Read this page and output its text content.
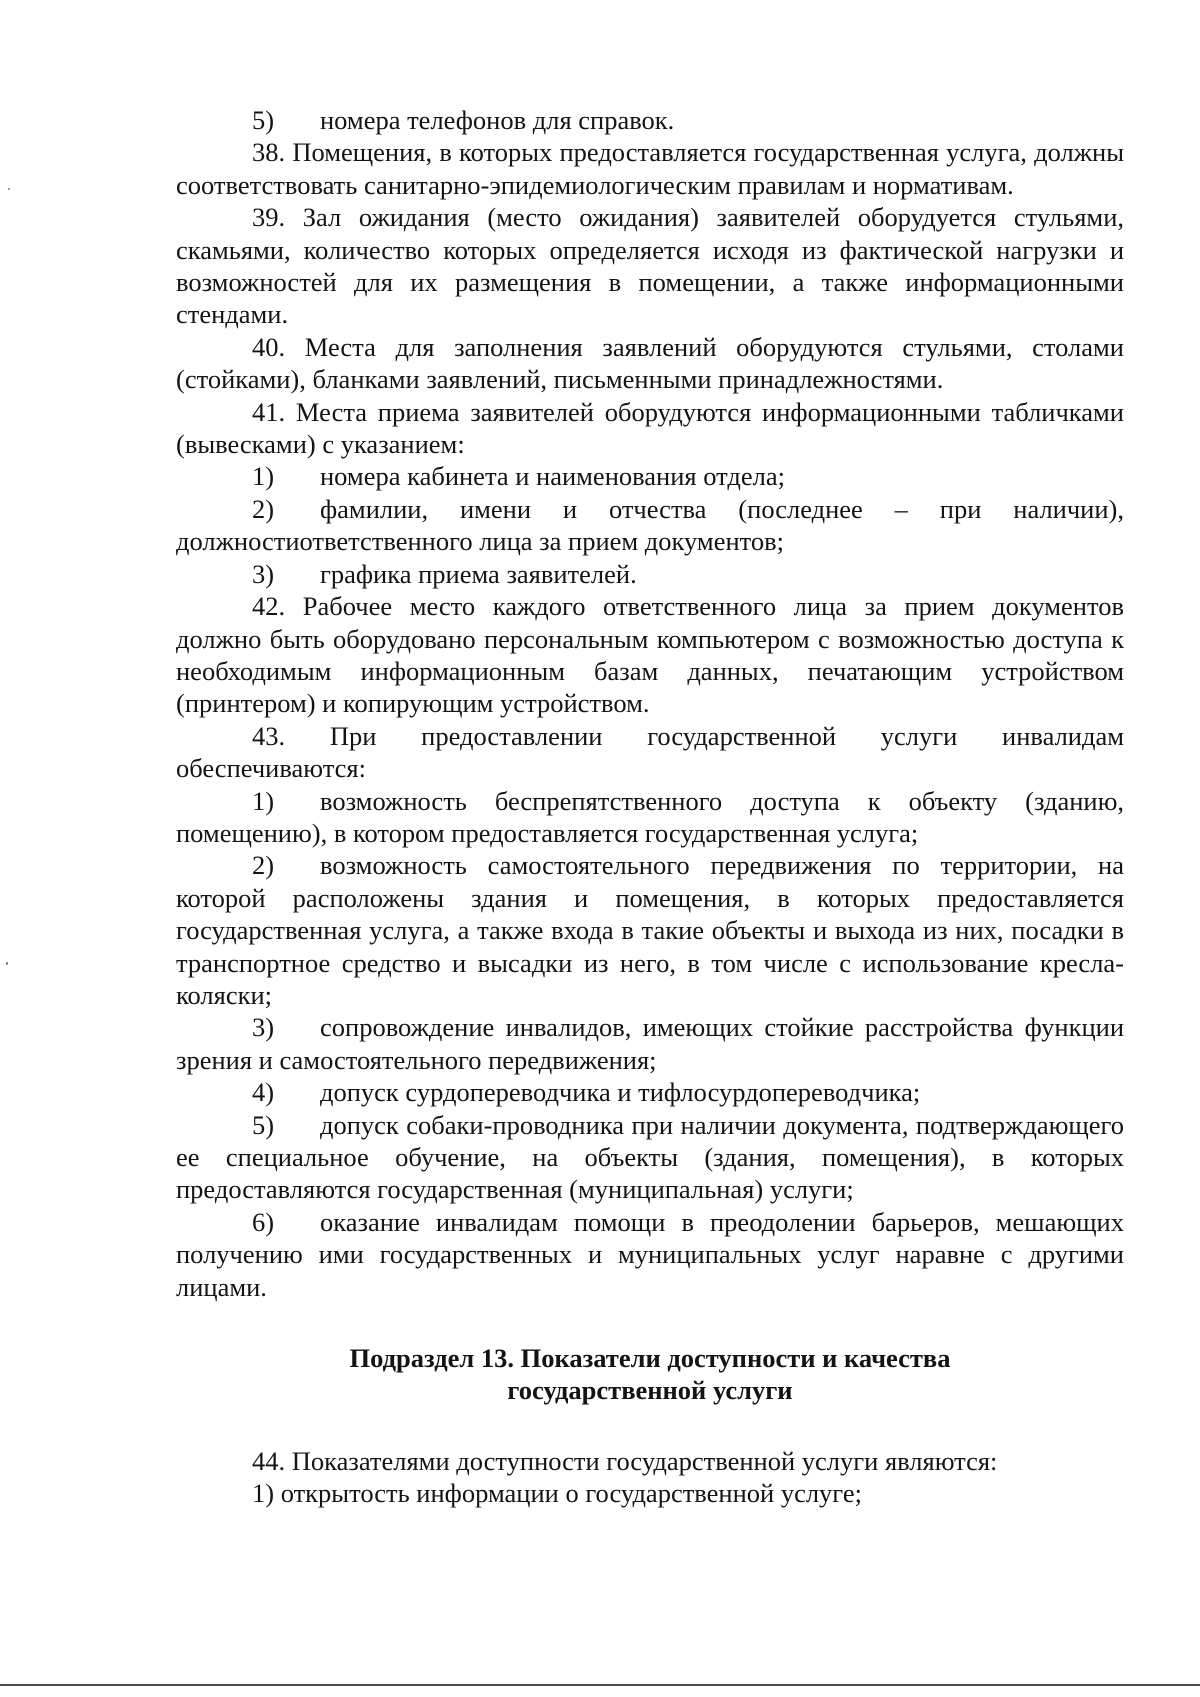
5) номера телефонов для справок.

38. Помещения, в которых предоставляется государственная услуга, должны соответствовать санитарно-эпидемиологическим правилам и нормативам.

39. Зал ожидания (место ожидания) заявителей оборудуется стульями, скамьями, количество которых определяется исходя из фактической нагрузки и возможностей для их размещения в помещении, а также информационными стендами.

40. Места для заполнения заявлений оборудуются стульями, столами (стойками), бланками заявлений, письменными принадлежностями.

41. Места приема заявителей оборудуются информационными табличками (вывесками) с указанием:

1) номера кабинета и наименования отдела;

2) фамилии, имени и отчества (последнее – при наличии), должностиответственного лица за прием документов;

3) графика приема заявителей.

42. Рабочее место каждого ответственного лица за прием документов должно быть оборудовано персональным компьютером с возможностью доступа к необходимым информационным базам данных, печатающим устройством (принтером) и копирующим устройством.

43. При предоставлении государственной услуги инвалидам обеспечиваются:

1) возможность беспрепятственного доступа к объекту (зданию, помещению), в котором предоставляется государственная услуга;

2) возможность самостоятельного передвижения по территории, на которой расположены здания и помещения, в которых предоставляется государственная услуга, а также входа в такие объекты и выхода из них, посадки в транспортное средство и высадки из него, в том числе с использование кресла-коляски;

3) сопровождение инвалидов, имеющих стойкие расстройства функции зрения и самостоятельного передвижения;

4) допуск сурдопереводчика и тифлосурдопереводчика;

5) допуск собаки-проводника при наличии документа, подтверждающего ее специальное обучение, на объекты (здания, помещения), в которых предоставляются государственная (муниципальная) услуги;

6) оказание инвалидам помощи в преодолении барьеров, мешающих получению ими государственных и муниципальных услуг наравне с другими лицами.

Подраздел 13. Показатели доступности и качества
государственной услуги

44. Показателями доступности государственной услуги являются:

1) открытость информации о государственной услуге;
